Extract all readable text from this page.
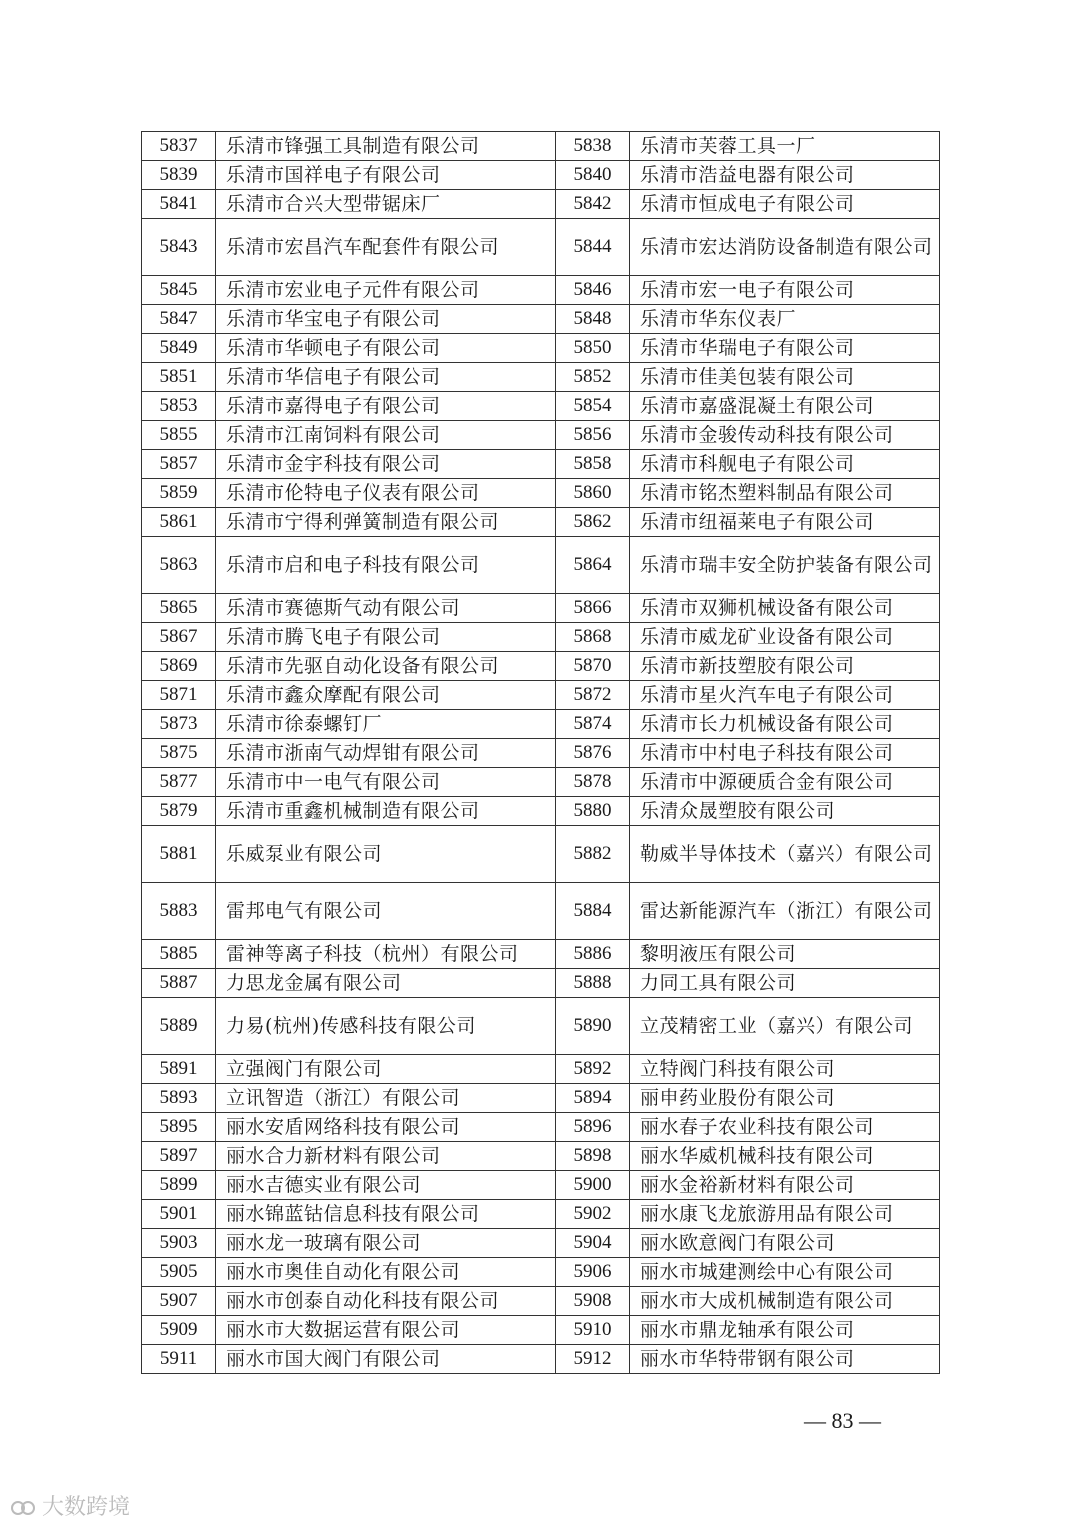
5837	乐清市锋强工具制造有限公司	5838	乐清市芙蓉工具一厂
5839	乐清市国祥电子有限公司	5840	乐清市浩益电器有限公司
5841	乐清市合兴大型带锯床厂	5842	乐清市恒成电子有限公司
5843	乐清市宏昌汽车配套件有限公司	5844	乐清市宏达消防设备制造有限公司
5845	乐清市宏业电子元件有限公司	5846	乐清市宏一电子有限公司
5847	乐清市华宝电子有限公司	5848	乐清市华东仪表厂
5849	乐清市华顿电子有限公司	5850	乐清市华瑞电子有限公司
5851	乐清市华信电子有限公司	5852	乐清市佳美包装有限公司
5853	乐清市嘉得电子有限公司	5854	乐清市嘉盛混凝土有限公司
5855	乐清市江南饲料有限公司	5856	乐清市金骏传动科技有限公司
5857	乐清市金宇科技有限公司	5858	乐清市科舰电子有限公司
5859	乐清市伦特电子仪表有限公司	5860	乐清市铭杰塑料制品有限公司
5861	乐清市宁得利弹簧制造有限公司	5862	乐清市纽福莱电子有限公司
5863	乐清市启和电子科技有限公司	5864	乐清市瑞丰安全防护装备有限公司
5865	乐清市赛德斯气动有限公司	5866	乐清市双狮机械设备有限公司
5867	乐清市腾飞电子有限公司	5868	乐清市威龙矿业设备有限公司
5869	乐清市先驱自动化设备有限公司	5870	乐清市新技塑胶有限公司
5871	乐清市鑫众摩配有限公司	5872	乐清市星火汽车电子有限公司
5873	乐清市徐泰螺钉厂	5874	乐清市长力机械设备有限公司
5875	乐清市浙南气动焊钳有限公司	5876	乐清市中村电子科技有限公司
5877	乐清市中一电气有限公司	5878	乐清市中源硬质合金有限公司
5879	乐清市重鑫机械制造有限公司	5880	乐清众晟塑胶有限公司
5881	乐威泵业有限公司	5882	勒威半导体技术（嘉兴）有限公司
5883	雷邦电气有限公司	5884	雷达新能源汽车（浙江）有限公司
5885	雷神等离子科技（杭州）有限公司	5886	黎明液压有限公司
5887	力思龙金属有限公司	5888	力同工具有限公司
5889	力易(杭州)传感科技有限公司	5890	立茂精密工业（嘉兴）有限公司
5891	立强阀门有限公司	5892	立特阀门科技有限公司
5893	立讯智造（浙江）有限公司	5894	丽申药业股份有限公司
5895	丽水安盾网络科技有限公司	5896	丽水春子农业科技有限公司
5897	丽水合力新材料有限公司	5898	丽水华威机械科技有限公司
5899	丽水吉德实业有限公司	5900	丽水金裕新材料有限公司
5901	丽水锦蓝钴信息科技有限公司	5902	丽水康飞龙旅游用品有限公司
5903	丽水龙一玻璃有限公司	5904	丽水欧意阀门有限公司
5905	丽水市奥佳自动化有限公司	5906	丽水市城建测绘中心有限公司
5907	丽水市创泰自动化科技有限公司	5908	丽水市大成机械制造有限公司
5909	丽水市大数据运营有限公司	5910	丽水市鼎龙轴承有限公司
5911	丽水市国大阀门有限公司	5912	丽水市华特带钢有限公司
— 83 —
大数跨境
